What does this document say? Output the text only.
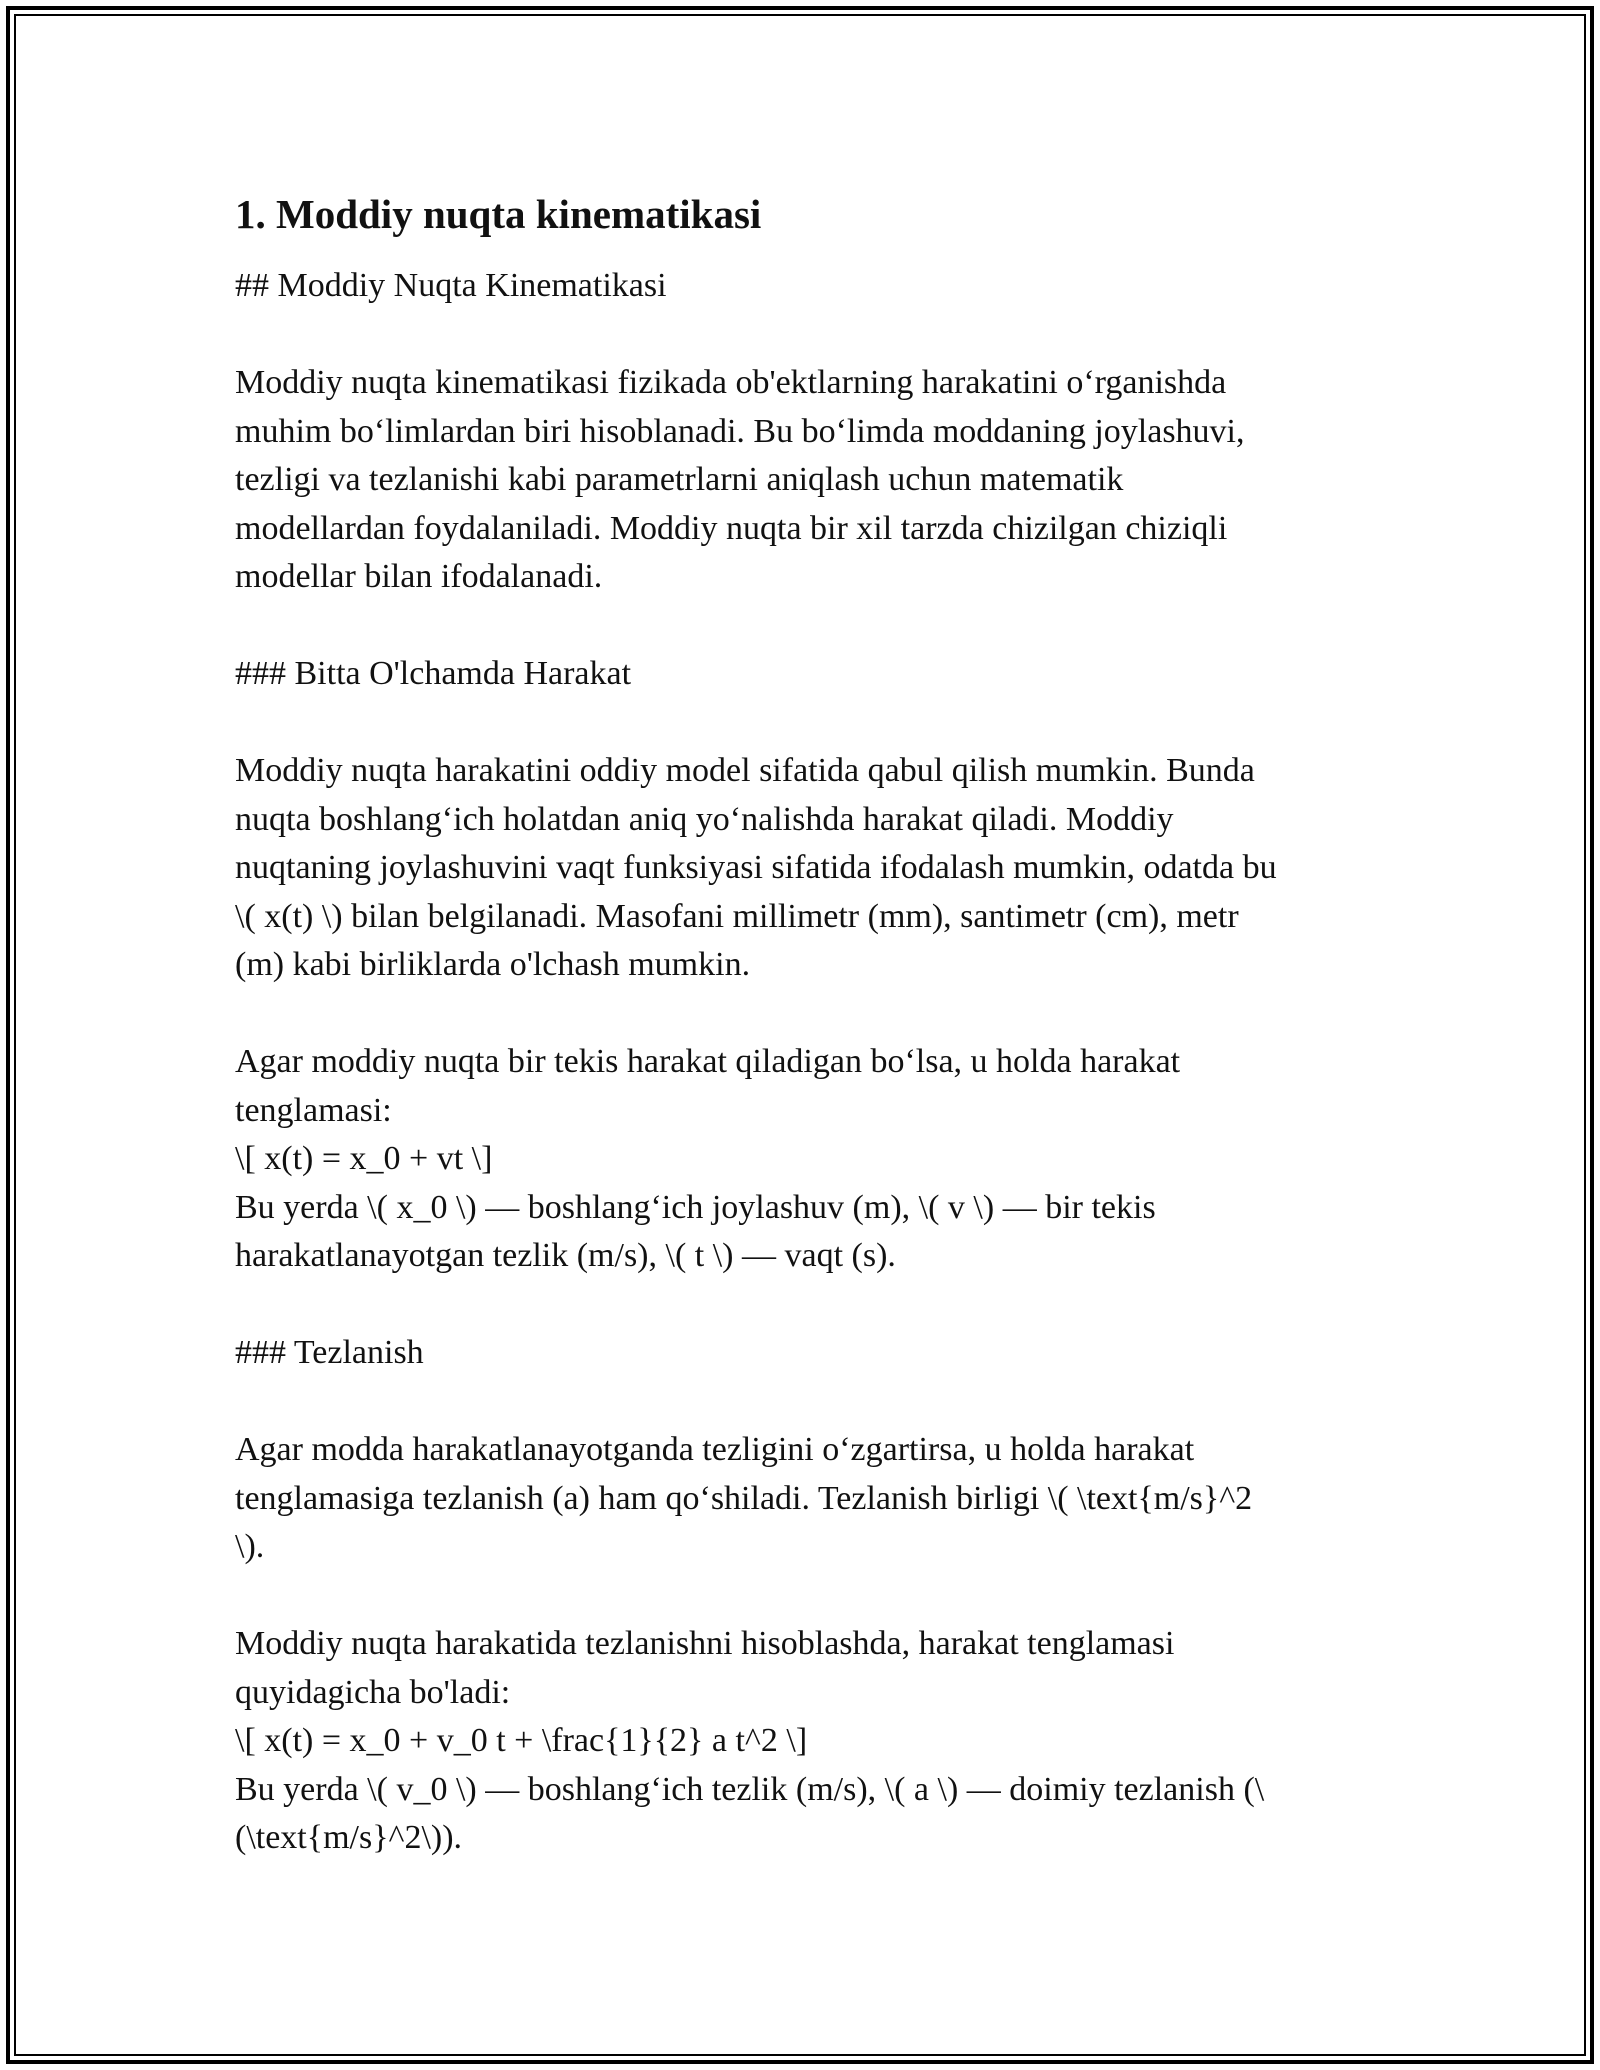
1. Moddiy nuqta kinematikasi
## Moddiy Nuqta Kinematikasi
Moddiy nuqta kinematikasi fizikada ob'ektlarning harakatini o‘rganishda
muhim bo‘limlardan biri hisoblanadi. Bu bo‘limda moddaning joylashuvi,
tezligi va tezlanishi kabi parametrlarni aniqlash uchun matematik
modellardan foydalaniladi. Moddiy nuqta bir xil tarzda chizilgan chiziqli
modellar bilan ifodalanadi.
### Bitta O'lchamda Harakat
Moddiy nuqta harakatini oddiy model sifatida qabul qilish mumkin. Bunda
nuqta boshlang‘ich holatdan aniq yo‘nalishda harakat qiladi. Moddiy
nuqtaning joylashuvini vaqt funksiyasi sifatida ifodalash mumkin, odatda bu
\( x(t) \) bilan belgilanadi. Masofani millimetr (mm), santimetr (cm), metr
(m) kabi birliklarda o'lchash mumkin.
Agar moddiy nuqta bir tekis harakat qiladigan bo‘lsa, u holda harakat
tenglamasi:
\[ x(t) = x_0 + vt \]
Bu yerda \( x_0 \) — boshlang‘ich joylashuv (m), \( v \) — bir tekis
harakatlanayotgan tezlik (m/s), \( t \) — vaqt (s).
### Tezlanish
Agar modda harakatlanayotganda tezligini o‘zgartirsa, u holda harakat
tenglamasiga tezlanish (a) ham qo‘shiladi. Tezlanish birligi \( \text{m/s}^2
\).
Moddiy nuqta harakatida tezlanishni hisoblashda, harakat tenglamasi
quyidagicha bo'ladi:
\[ x(t) = x_0 + v_0 t + \frac{1}{2} a t^2 \]
Bu yerda \( v_0 \) — boshlang‘ich tezlik (m/s), \( a \) — doimiy tezlanish (\
(\text{m/s}^2\)).
